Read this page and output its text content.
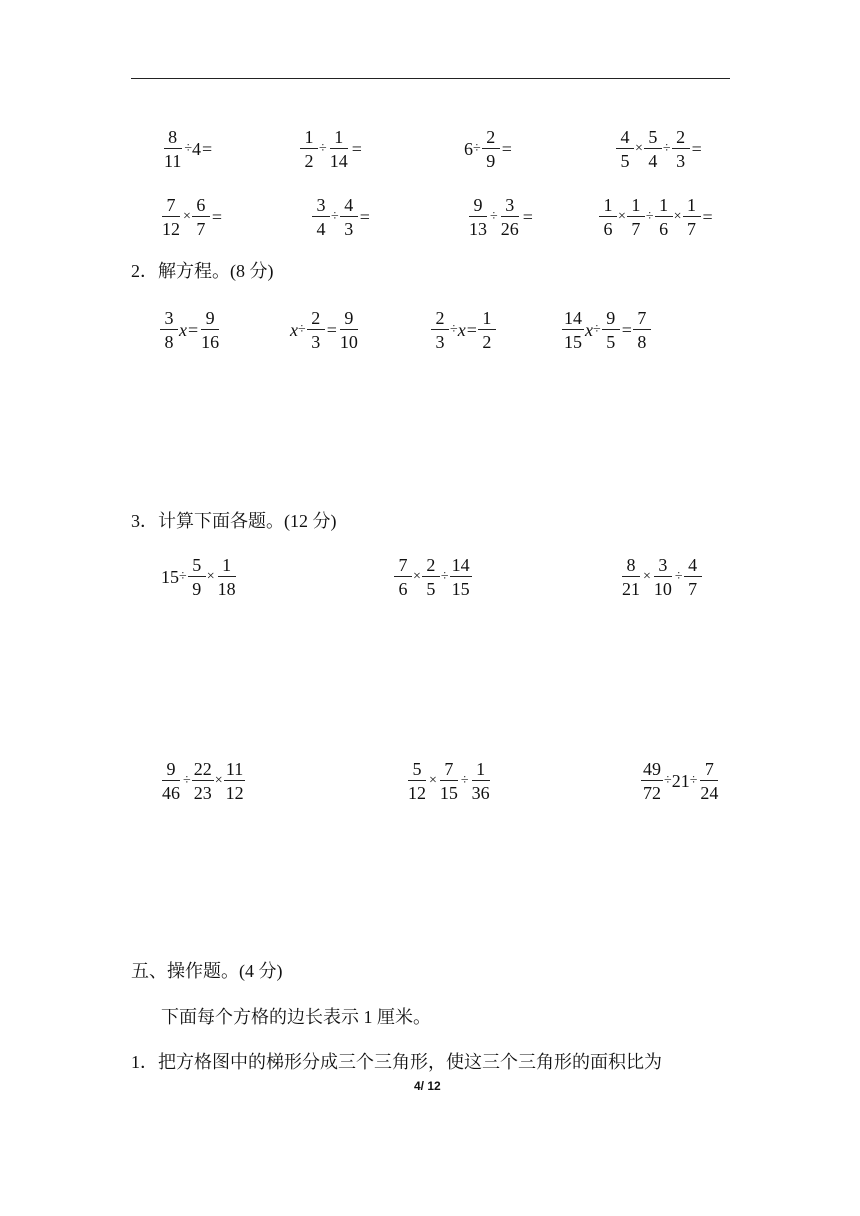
$\frac{8}{11} \div 4$ =	$\frac{1}{2} \div \frac{1}{14}$ =	$6 \div \frac{2}{9}$ =	$\frac{4}{5} \times \frac{5}{4} \div \frac{2}{3}$ =
$\frac{7}{12} \times \frac{6}{7}$ =	$\frac{3}{4} \div \frac{4}{3}$ =	$\frac{9}{13} \div \frac{3}{26}$ =	$\frac{1}{6} \times \frac{1}{7} \div \frac{1}{6} \times \frac{1}{7}$ =
2．解方程。(8 分)
$\frac{3}{8}$ $x = \frac{9}{16}$	$x \div \frac{2}{3} = \frac{9}{10}$	$\frac{2}{3} \div x = \frac{1}{2}$	$\frac{14}{15}$ $x \div \frac{9}{5} = \frac{7}{8}$
3．计算下面各题。(12 分)
$15 \div \frac{5}{9} \times \frac{1}{18}$	$\frac{7}{6} \times \frac{2}{5} \div \frac{14}{15}$	$\frac{8}{21} \times \frac{3}{10} \div \frac{4}{7}$
$\frac{9}{46} \div \frac{22}{23} \times \frac{11}{12}$	$\frac{5}{12} \times \frac{7}{15} \div \frac{1}{36}$	$\frac{49}{72} \div 21 \div \frac{7}{24}$
五、操作题。(4 分)
下面每个方格的边长表示 1 厘米。
1．把方格图中的梯形分成三个三角形，使这三个三角形的面积比为
4/ 12
